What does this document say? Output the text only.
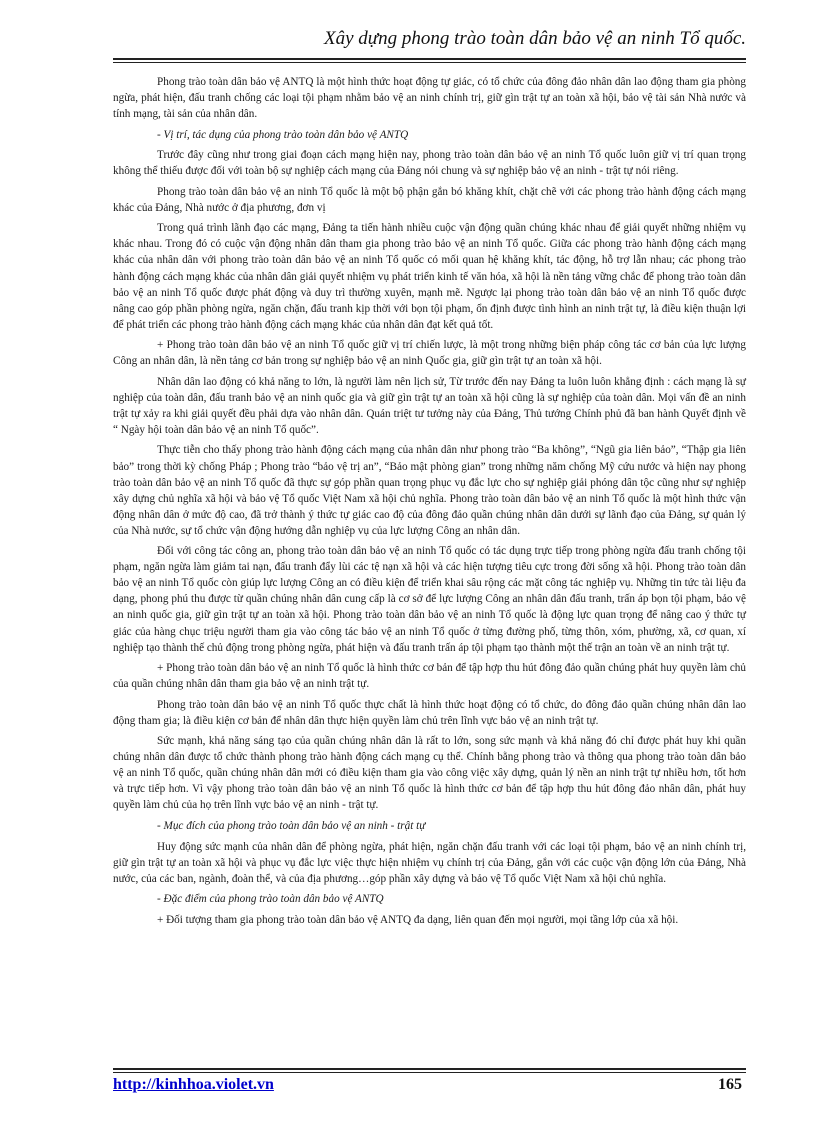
Xây dựng phong trào toàn dân bảo vệ an ninh Tổ quốc.

Phong trào toàn dân bảo vệ ANTQ là một hình thức hoạt động tự giác, có tổ chức của đông đảo nhân dân lao động tham gia phòng ngừa, phát hiện, đấu tranh chống các loại tội phạm nhằm bảo vệ an ninh chính trị, giữ gìn trật tự an toàn xã hội, bảo vệ tài sản Nhà nước và tính mạng, tài sản của nhân dân.

- Vị trí, tác dụng của phong trào toàn dân bảo vệ ANTQ

Trước đây cũng như trong giai đoạn cách mạng hiện nay, phong trào toàn dân bảo vệ an ninh Tổ quốc luôn giữ vị trí quan trọng không thể thiếu được đối với toàn bộ sự nghiệp cách mạng của Đảng nói chung và sự nghiệp bảo vệ an ninh - trật tự nói riêng.

Phong trào toàn dân bảo vệ an ninh Tổ quốc là một bộ phận gắn bó khăng khít, chặt chẽ với các phong trào hành động cách mạng khác của Đảng, Nhà nước ở địa phương, đơn vị

Trong quá trình lãnh đạo các mạng, Đảng ta tiến hành nhiều cuộc vận động quần chúng khác nhau để giải quyết những nhiệm vụ khác nhau. Trong đó có cuộc vận động nhân dân tham gia phong trào bảo vệ an ninh Tổ quốc. Giữa các phong trào hành động cách mạng khác của nhân dân với phong trào toàn dân bảo vệ an ninh Tổ quốc có mối quan hệ khăng khít, tác động, hỗ trợ lẫn nhau; các phong trào hành động cách mạng khác của nhân dân giải quyết nhiệm vụ phát triển kinh tế văn hóa, xã hội là nền tảng vững chắc để phong trào toàn dân bảo vệ an ninh Tổ quốc được phát động và duy trì thường xuyên, mạnh mẽ. Ngược lại phong trào toàn dân bảo vệ an ninh Tổ quốc được nâng cao góp phần phòng ngừa, ngăn chặn, đấu tranh kịp thời với bọn tội phạm, ổn định được tình hình an ninh trật tự, là điều kiện thuận lợi để phát triển các phong trào hành động cách mạng khác của nhân dân đạt kết quả tốt.

+ Phong trào toàn dân bảo vệ an ninh Tổ quốc giữ vị trí chiến lược, là một trong những biện pháp công tác cơ bản của lực lượng Công an nhân dân, là nền tảng cơ bản trong sự nghiệp bảo vệ an ninh Quốc gia, giữ gìn trật tự an toàn xã hội.

Nhân dân lao động có khả năng to lớn, là người làm nên lịch sử, Từ trước đến nay Đảng ta luôn luôn khẳng định : cách mạng là sự nghiệp của toàn dân, đấu tranh bảo vệ an ninh quốc gia và giữ gìn trật tự an toàn xã hội cũng là sự nghiệp của toàn dân. Mọi vấn đề an ninh trật tự xảy ra khi giải quyết đều phải dựa vào nhân dân. Quán triệt tư tưởng này của Đảng, Thủ tướng Chính phủ đã ban hành Quyết định về “ Ngày hội toàn dân bảo vệ an ninh Tổ quốc”.

Thực tiễn cho thấy phong trào hành động cách mạng của nhân dân như phong trào “Ba không”, “Ngũ gia liên bảo”, “Thập gia liên bảo” trong thời kỳ chống Pháp ; Phong trào “bảo vệ trị an”, “Bảo mật phòng gian” trong những năm chống Mỹ cứu nước và hiện nay phong trào toàn dân bảo vệ an ninh Tổ quốc đã thực sự góp phần quan trọng phục vụ đắc lực cho sự nghiệp giải phóng dân tộc cũng như sự nghiệp xây dựng chủ nghĩa xã hội và bảo vệ Tổ quốc Việt Nam xã hội chủ nghĩa. Phong trào toàn dân bảo vệ an ninh Tổ quốc là một hình thức vận động nhân dân ở mức độ cao, đã trở thành ý thức tự giác cao độ của đông đảo quần chúng nhân dân dưới sự lãnh đạo của Đảng, sự quản lý của Nhà nước, sự tổ chức vận động hướng dẫn nghiệp vụ của lực lượng Công an nhân dân.

Đối với công tác công an, phong trào toàn dân bảo vệ an ninh Tổ quốc có tác dụng trực tiếp trong phòng ngừa đấu tranh chống tội phạm, ngăn ngừa làm giảm tai nạn, đấu tranh đẩy lùi các tệ nạn xã hội và các hiện tượng tiêu cực trong đời sống xã hội. Phong trào toàn dân bảo vệ an ninh Tổ quốc còn giúp lực lượng Công an có điều kiện để triển khai sâu rộng các mặt công tác nghiệp vụ. Những tin tức tài liệu đa dạng, phong phú thu được từ quần chúng nhân dân cung cấp là cơ sở để lực lượng Công an nhân dân đấu tranh, trấn áp bọn tội phạm, bảo vệ an ninh quốc gia, giữ gìn trật tự an toàn xã hội. Phong trào toàn dân bảo vệ an ninh Tổ quốc là động lực quan trọng để nâng cao ý thức tự giác của hàng chục triệu người tham gia vào công tác bảo vệ an ninh Tổ quốc ở từng đường phố, từng thôn, xóm, phường, xã, cơ quan, xí nghiệp tạo thành thế chủ động trong phòng ngừa, phát hiện và đấu tranh trấn áp tội phạm tạo thành một thế trận an toàn về an ninh trật tự.

+ Phong trào toàn dân bảo vệ an ninh Tổ quốc là hình thức cơ bản để tập hợp thu hút đông đảo quần chúng phát huy quyền làm chủ của quần chúng nhân dân tham gia bảo vệ an ninh trật tự.

Phong trào toàn dân bảo vệ an ninh Tổ quốc thực chất là hình thức hoạt động có tổ chức, do đông đảo quần chúng nhân dân lao động tham gia; là điều kiện cơ bản để nhân dân thực hiện quyền làm chủ trên lĩnh vực bảo vệ an ninh trật tự.

Sức mạnh, khả năng sáng tạo của quần chúng nhân dân là rất to lớn, song sức mạnh và khả năng đó chỉ được phát huy khi quần chúng nhân dân được tổ chức thành phong trào hành động cách mạng cụ thể. Chính bằng phong trào và thông qua phong trào toàn dân bảo vệ an ninh Tổ quốc, quần chúng nhân dân mới có điều kiện tham gia vào công việc xây dựng, quản lý nền an ninh trật tự nhiều hơn, tốt hơn và trực tiếp hơn. Vì vậy phong trào toàn dân bảo vệ an ninh Tổ quốc là hình thức cơ bản để tập hợp thu hút đông đảo nhân dân, phát huy quyền làm chủ của họ trên lĩnh vực bảo vệ an ninh - trật tự.

- Mục đích của phong trào toàn dân bảo vệ an ninh - trật tự

Huy động sức mạnh của nhân dân để phòng ngừa, phát hiện, ngăn chặn đấu tranh với các loại tội phạm, bảo vệ an ninh chính trị, giữ gìn trật tự an toàn xã hội và phục vụ đắc lực việc thực hiện nhiệm vụ chính trị của Đảng, gắn với các cuộc vận động lớn của Đảng, Nhà nước, của các ban, ngành, đoàn thể, và của địa phương…góp phần xây dựng và bảo vệ Tổ quốc Việt Nam xã hội chủ nghĩa.

- Đặc điểm của phong trào toàn dân bảo vệ ANTQ

+ Đối tượng tham gia phong trào toàn dân bảo vệ ANTQ đa dạng, liên quan đến mọi người, mọi tầng lớp của xã hội.

http://kinhhoa.violet.vn	165
